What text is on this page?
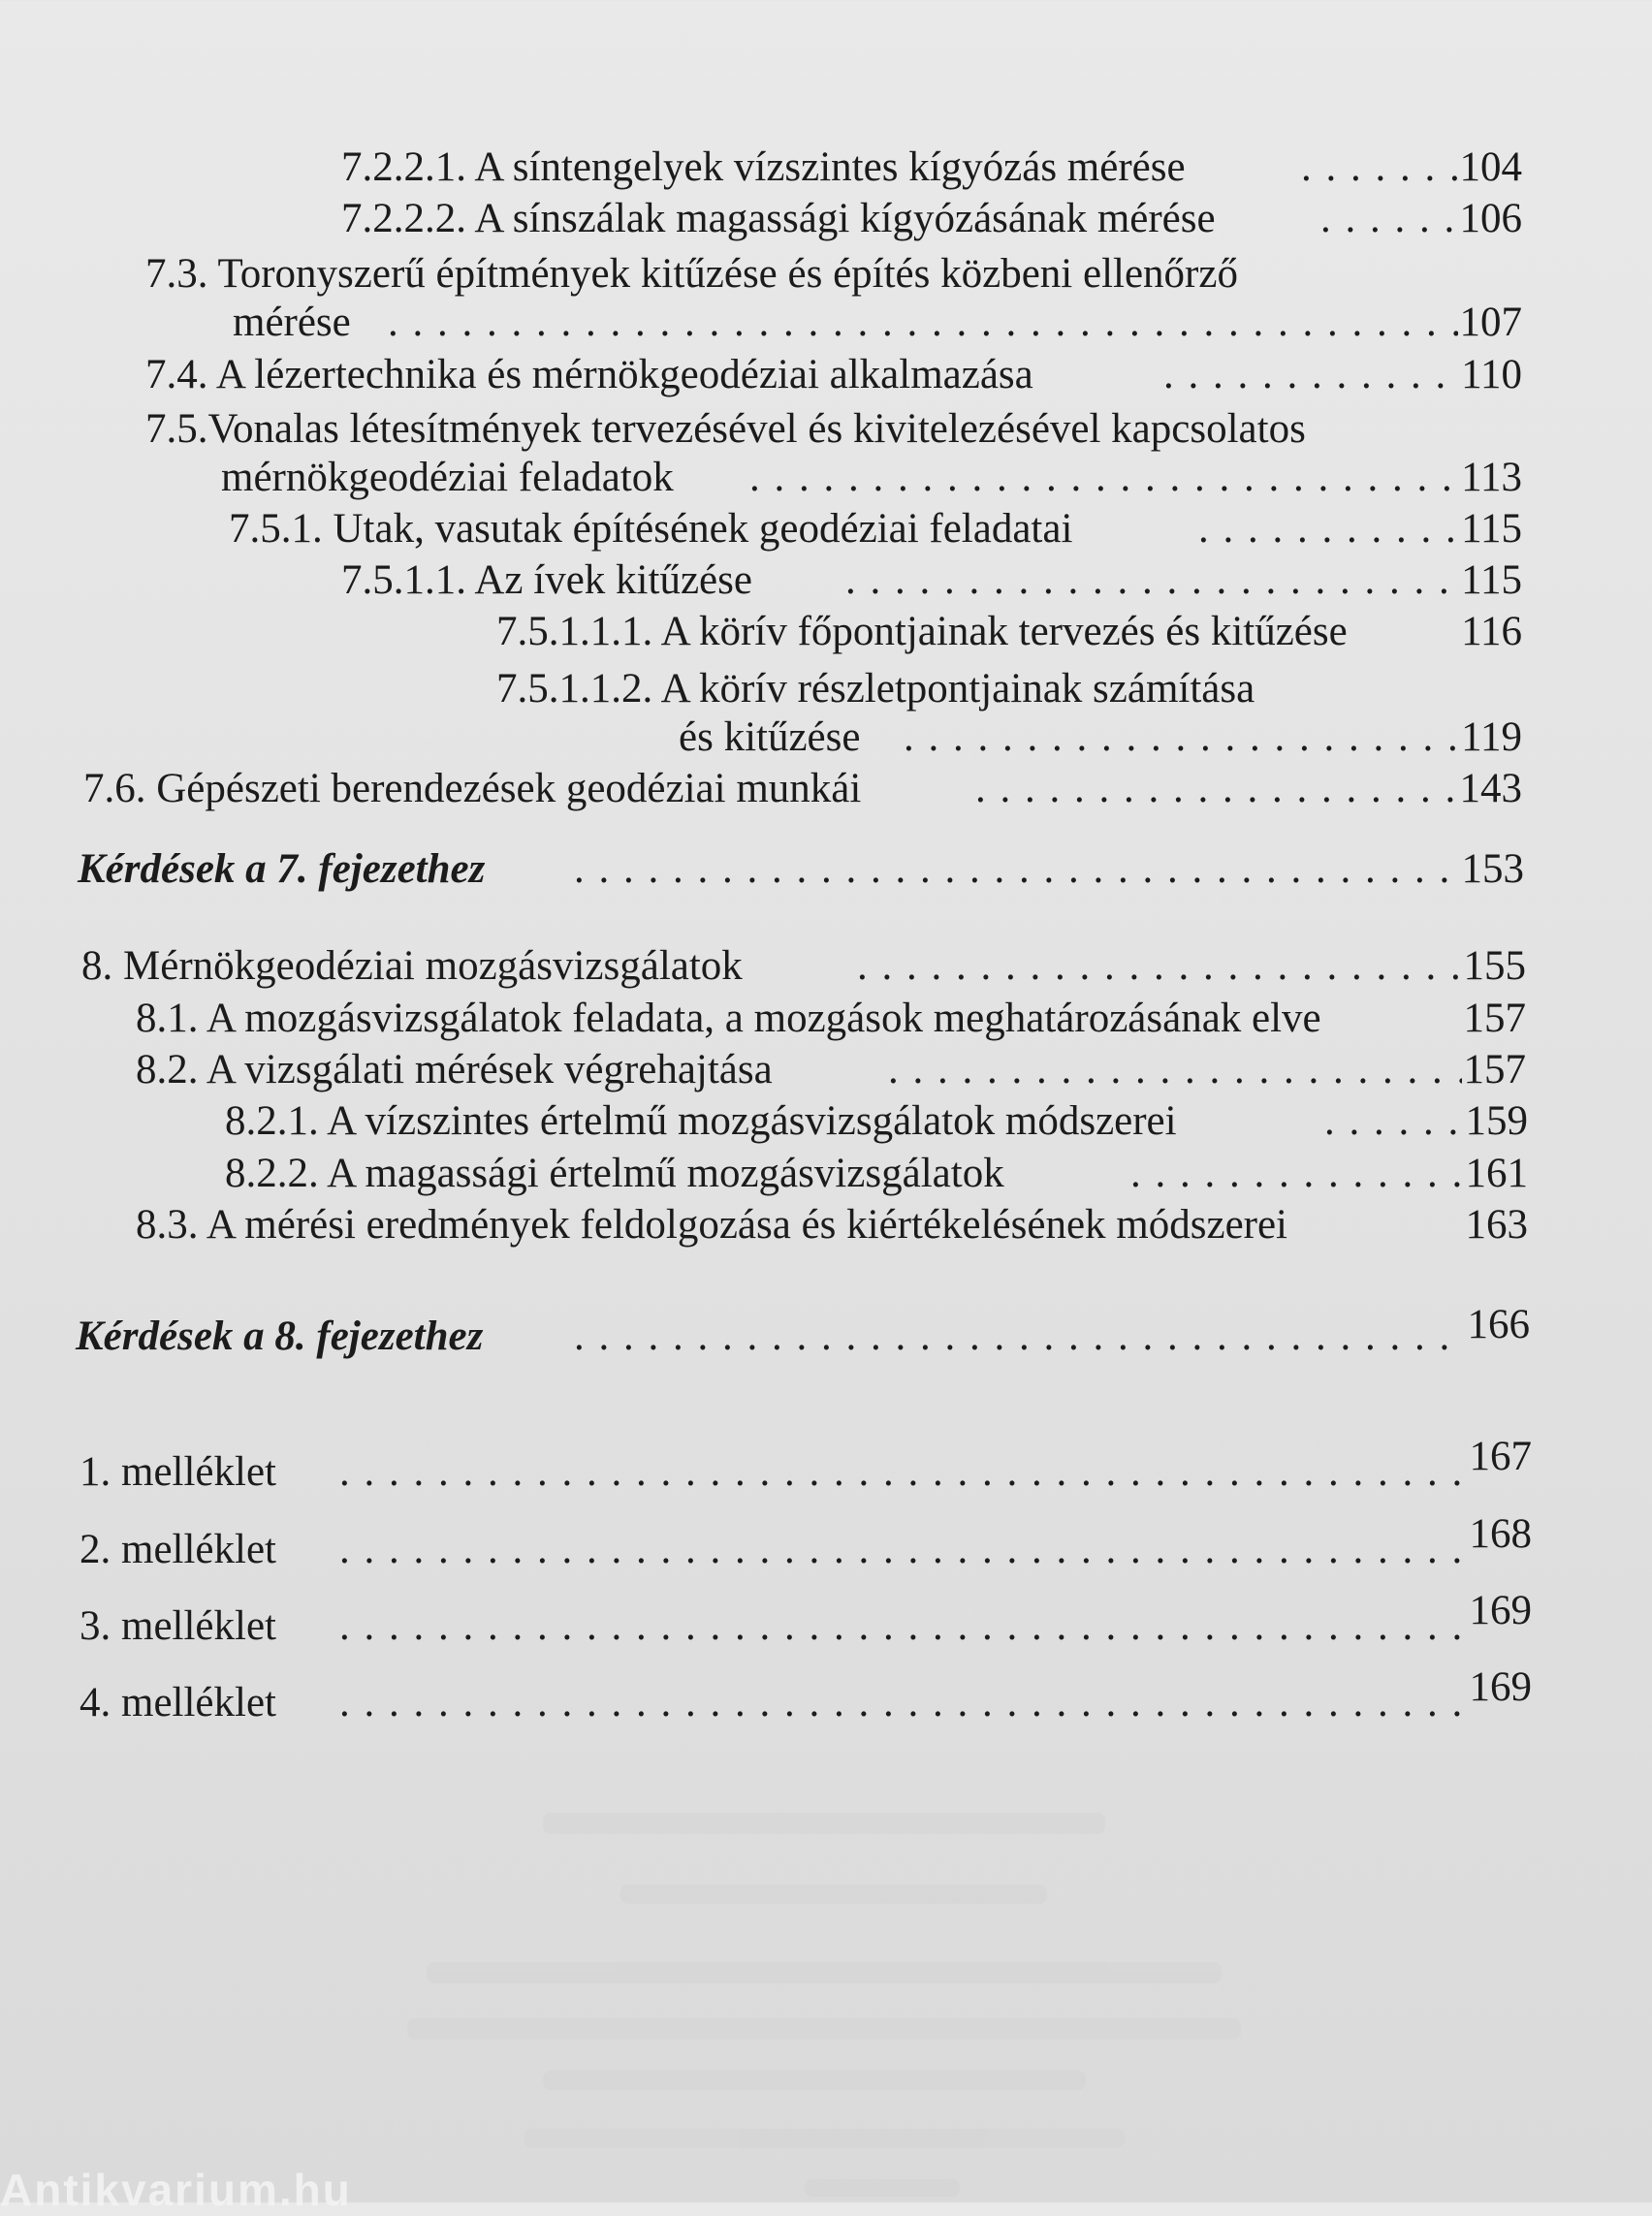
7.2.2.1. A síntengelyek vízszintes kígyózás mérése . . .	104
7.2.2.2. A sínszálak magassági kígyózásának mérése . . .	106
7.3. Toronyszerű építmények kitűzése és építés közbeni ellenőrző
mérése . . .	107
7.4. A lézertechnika és mérnökgeodéziai alkalmazása . . .	110
7.5.Vonalas létesítmények tervezésével és kivitelezésével kapcsolatos
mérnökgeodéziai feladatok . . .	113
7.5.1. Utak, vasutak építésének geodéziai feladatai . . .	115
7.5.1.1. Az ívek kitűzése . . .	115
7.5.1.1.1. A körív főpontjainak tervezés és kitűzése	116
7.5.1.1.2. A körív részletpontjainak számítása
és kitűzése . . .	119
7.6. Gépészeti berendezések geodéziai munkái . . .	143
Kérdések a 7. fejezethez . . .	153
8. Mérnökgeodéziai mozgásvizsgálatok . . .	155
8.1. A mozgásvizsgálatok feladata, a mozgások meghatározásának elve	157
8.2. A vizsgálati mérések végrehajtása . . .	157
8.2.1. A vízszintes értelmű mozgásvizsgálatok módszerei . . .	159
8.2.2. A magassági értelmű mozgásvizsgálatok . . .	161
8.3. A mérési eredmények feldolgozása és kiértékelésének módszerei	163
Kérdések a 8. fejezethez . . .	166
1. melléklet . . .	167
2. melléklet . . .	168
3. melléklet . . .	169
4. melléklet . . .	169
Antikvarium.hu
